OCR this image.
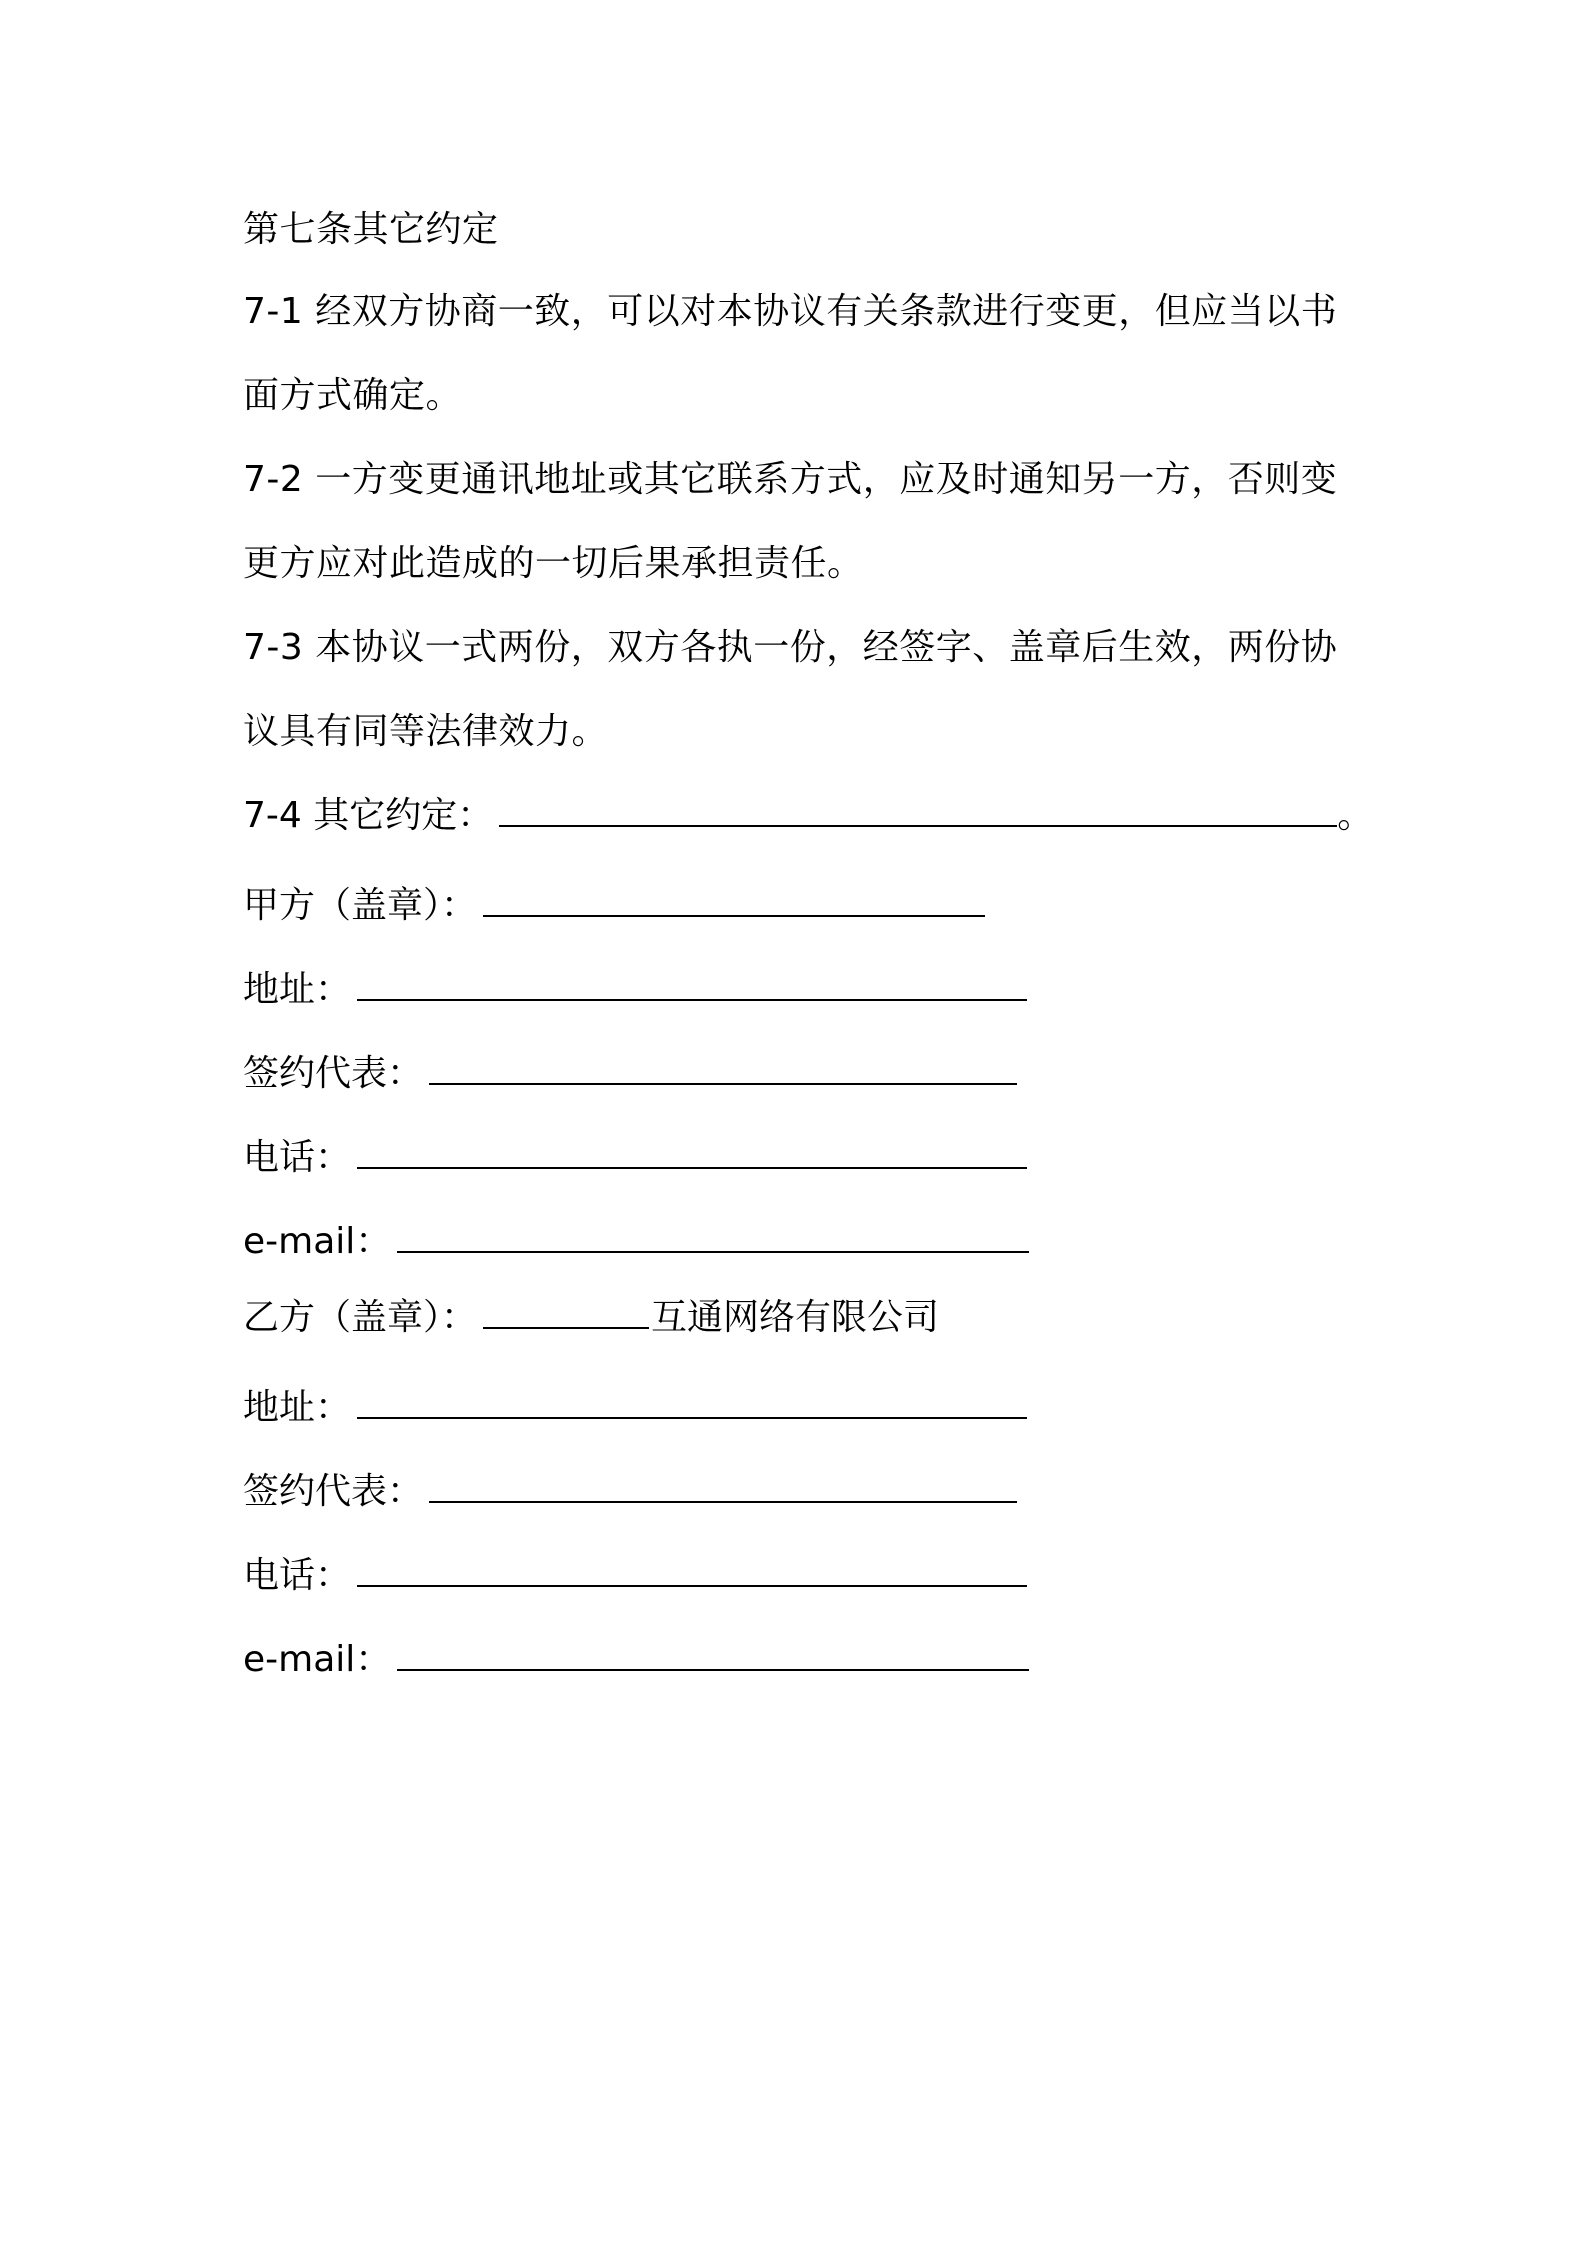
第七条其它约定
7-1 经双方协商一致，可以对本协议有关条款进行变更，但应当以书
面方式确定。
7-2 一方变更通讯地址或其它联系方式，应及时通知另一方，否则变
更方应对此造成的一切后果承担责任。
7-3 本协议一式两份，双方各执一份，经签字、盖章后生效，两份协
议具有同等法律效力。
7-4 其它约定：	。
甲方（盖章）：
地址：
签约代表：
电话：
e-mail：
乙方（盖章）：	互通网络有限公司
地址：
签约代表：
电话：
e-mail：
